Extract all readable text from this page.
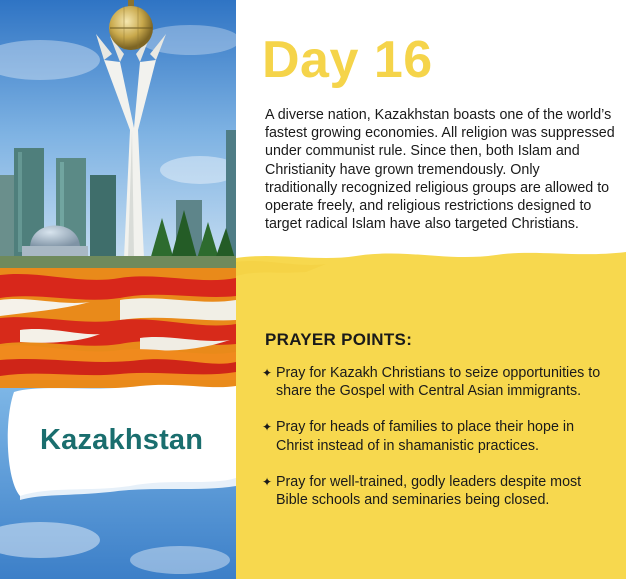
Kazakhstan
Day 16

A diverse nation, Kazakhstan boasts one of the world’s fastest growing economies. All religion was suppressed under communist rule. Since then, both Islam and Christianity have grown tremendously. Only traditionally recognized religious groups are allowed to operate freely, and religious restrictions designed to target radical Islam have also targeted Christians.

PRAYER POINTS:
✦ Pray for Kazakh Christians to seize opportunities to share the Gospel with Central Asian immigrants.
✦ Pray for heads of families to place their hope in Christ instead of in shamanistic practices.
✦ Pray for well-trained, godly leaders despite most Bible schools and seminaries being closed.
